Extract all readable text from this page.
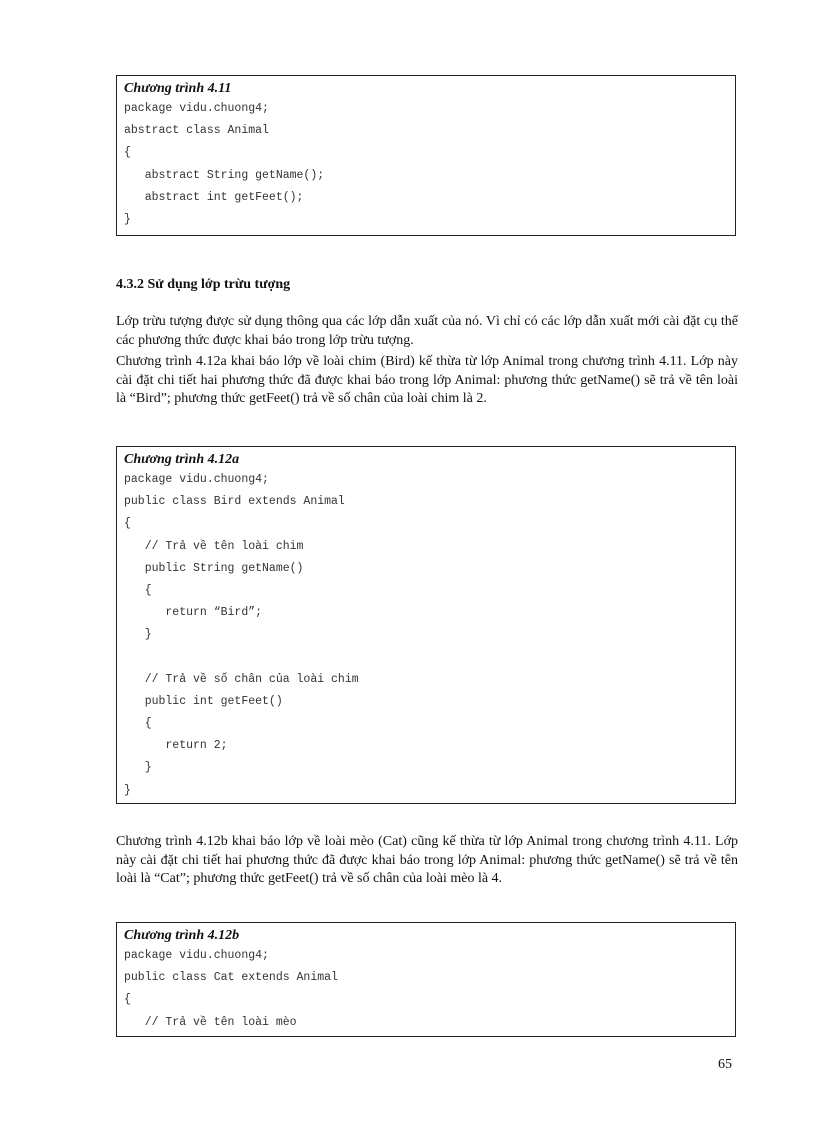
Chương trình 4.11
package vidu.chuong4;
abstract class Animal
{
abstract String getName();
abstract int getFeet();
}
4.3.2 Sử dụng lớp trừu tượng
Lớp trừu tượng được sử dụng thông qua các lớp dẫn xuất của nó. Vì chỉ có các lớp dẫn xuất mới cài đặt cụ thể các phương thức được khai báo trong lớp trừu tượng.
Chương trình 4.12a khai báo lớp về loài chim (Bird) kế thừa từ lớp Animal trong chương trình 4.11. Lớp này cài đặt chi tiết hai phương thức đã được khai báo trong lớp Animal: phương thức getName() sẽ trả về tên loài là “Bird”; phương thức getFeet() trả về số chân của loài chim là 2.
Chương trình 4.12a
package vidu.chuong4;
public class Bird extends Animal
{
// Trả về tên loài chim
public String getName()
{
return “Bird”;
}
// Trả về số chân của loài chim
public int getFeet()
{
return 2;
}
}
Chương trình 4.12b khai báo lớp về loài mèo (Cat) cũng kế thừa từ lớp Animal trong chương trình 4.11. Lớp này cài đặt chi tiết hai phương thức đã được khai báo trong lớp Animal: phương thức getName() sẽ trả về tên loài là “Cat”; phương thức getFeet() trả về số chân của loài mèo là 4.
Chương trình 4.12b
package vidu.chuong4;
public class Cat extends Animal
{
// Trả về tên loài mèo
65
